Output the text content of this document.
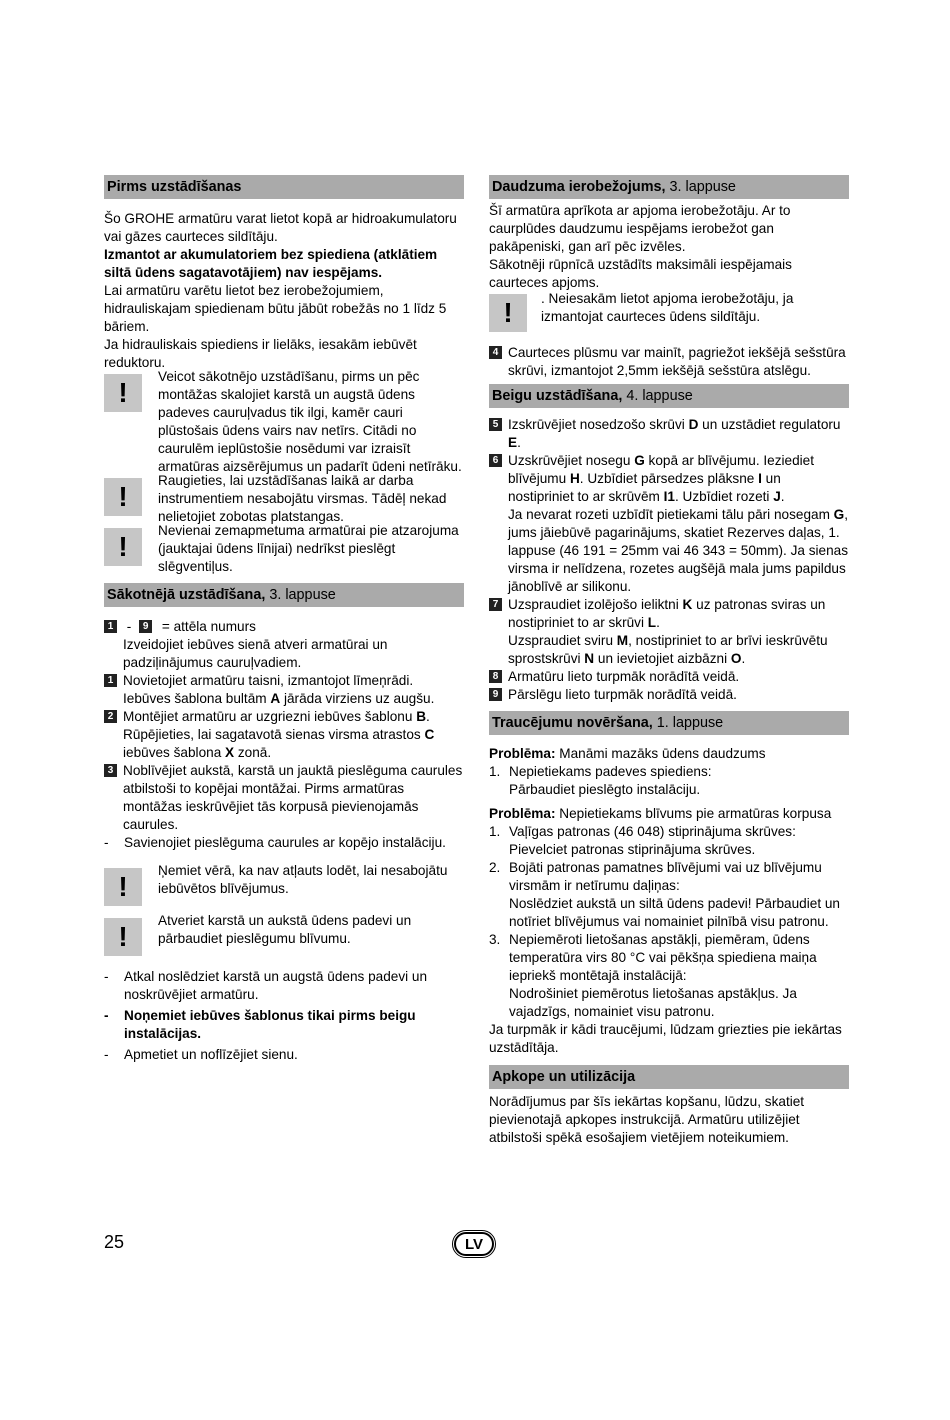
Pirms uzstādīšanas

Šo GROHE armatūru varat lietot kopā ar hidroakumulatoru vai gāzes caurteces sildītāju.

Izmantot ar akumulatoriem bez spiediena (atklātiem siltā ūdens sagatavotājiem) nav iespējams.

Lai armatūru varētu lietot bez ierobežojumiem, hidrauliskajam spiedienam būtu jābūt robežās no 1 līdz 5 bāriem.

Ja hidrauliskais spiediens ir lielāks, iesakām iebūvēt reduktoru.

!
Veicot sākotnējo uzstādīšanu, pirms un pēc montāžas skalojiet karstā un augstā ūdens padeves cauruļvadus tik ilgi, kamēr cauri plūstošais ūdens vairs nav netīrs. Citādi no caurulēm ieplūstošie nosēdumi var izraisīt armatūras aizsērējumus un padarīt ūdeni netīrāku.
!
Raugieties, lai uzstādīšanas laikā ar darba instrumentiem nesabojātu virsmas. Tādēļ nekad nelietojiet zobotas platstangas.
!
Nevienai zemapmetuma armatūrai pie atzarojuma (jauktajai ūdens līnijai) nedrīkst pieslēgt slēgventiļus.
Sākotnējā uzstādīšana, 3. lappuse
1 - 9 = attēla numurs

Izveidojiet iebūves sienā atveri armatūrai un padziļinājumus cauruļvadiem.

1 Novietojiet armatūru taisni, izmantojot līmeņrādi. Iebūves šablona bultām A jārāda virziens uz augšu.
2 Montējiet armatūru ar uzgriezni iebūves šablonu B. Rūpējieties, lai sagatavotā sienas virsma atrastos C iebūves šablona X zonā.
3 Noblīvējiet aukstā, karstā un jauktā pieslēguma caurules atbilstoši to kopējai montāžai. Pirms armatūras montāžas ieskrūvējiet tās korpusā pievienojamās caurules.
-	Savienojiet pieslēguma caurules ar kopējo instalāciju.
!
Ņemiet vērā, ka nav atļauts lodēt, lai nesabojātu iebūvētos blīvējumus.
!
Atveriet karstā un aukstā ūdens padevi un pārbaudiet pieslēgumu blīvumu.
-	Atkal noslēdziet karstā un augstā ūdens padevi un noskrūvējiet armatūru.
-	Noņemiet iebūves šablonus tikai pirms beigu instalācijas.
-	Apmetiet un noflīzējiet sienu.
Daudzuma ierobežojums, 3. lappuse

Šī armatūra aprīkota ar apjoma ierobežotāju. Ar to caurplūdes daudzumu iespējams ierobežot gan pakāpeniski, gan arī pēc izvēles.

Sākotnēji rūpnīcā uzstādīts maksimāli iespējamais caurteces apjoms.

!	. Neiesakām lietot apjoma ierobežotāju, ja izmantojat caurteces ūdens sildītāju.
4 Caurteces plūsmu var mainīt, pagriežot iekšējā sešstūra skrūvi, izmantojot 2,5mm iekšējā sešstūra atslēgu.
Beigu uzstādīšana, 4. lappuse
5 Izskrūvējiet nosedzošo skrūvi D un uzstādiet regulatoru E.
6 Uzskrūvējiet nosegu G kopā ar blīvējumu. Ieziediet blīvējumu H. Uzbīdiet pārsedzes plāksne I un nostipriniet to ar skrūvēm I1. Uzbīdiet rozeti J.
Ja nevarat rozeti uzbīdīt pietiekami tālu pāri nosegam G, jums jāiebūvē pagarinājums, skatiet Rezerves daļas, 1. lappuse (46 191 = 25mm vai 46 343 = 50mm). Ja sienas virsma ir nelīdzena, rozetes augšējā mala jums papildus jānoblīvē ar silikonu.
7 Uzspraudiet izolējošo ieliktni K uz patronas sviras un nostipriniet to ar skrūvi L.
Uzspraudiet sviru M, nostipriniet to ar brīvi ieskrūvētu sprostskrūvi N un ievietojiet aizbāzni O.
8 Armatūru lieto turpmāk norādītā veidā.
9 Pārslēgu lieto turpmāk norādītā veidā.
Traucējumu novēršana, 1. lappuse

Problēma: Manāmi mazāks ūdens daudzums

1. Nepietiekams padeves spiediens:
Pārbaudiet pieslēgto instalāciju.

Problēma: Nepietiekams blīvums pie armatūras korpusa

1. Vaļīgas patronas (46 048) stiprinājuma skrūves:
Pievelciet patronas stiprinājuma skrūves.
2. Bojāti patronas pamatnes blīvējumi vai uz blīvējumu virsmām ir netīrumu daļiņas:
Noslēdziet aukstā un siltā ūdens padevi! Pārbaudiet un notīriet blīvējumus vai nomainiet pilnībā visu patronu.
3. Nepiemēroti lietošanas apstākļi, piemēram, ūdens temperatūra virs 80 °C vai pēkšņa spiediena maiņa iepriekš montētajā instalācijā:
Nodrošiniet piemērotus lietošanas apstākļus. Ja vajadzīgs, nomainiet visu patronu.

Ja turpmāk ir kādi traucējumi, lūdzam griezties pie iekārtas uzstādītāja.

Apkope un utilizācija

Norādījumus par šīs iekārtas kopšanu, lūdzu, skatiet pievienotajā apkopes instrukcijā. Armatūru utilizējiet atbilstoši spēkā esošajiem vietējiem noteikumiem.

25	LV
